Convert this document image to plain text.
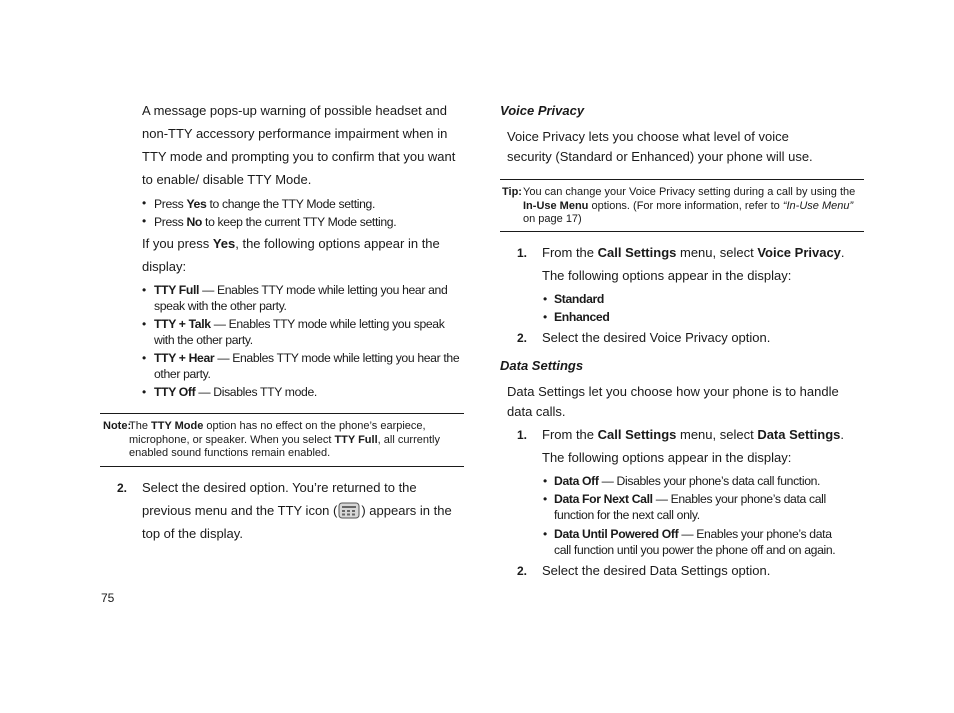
A message pops-up warning of possible headset and non-TTY accessory performance impairment when in TTY mode and prompting you to confirm that you want to enable/ disable TTY Mode.
• Press Yes to change the TTY Mode setting.
• Press No to keep the current TTY Mode setting.
If you press Yes, the following options appear in the display:
• TTY Full — Enables TTY mode while letting you hear and speak with the other party.
• TTY + Talk — Enables TTY mode while letting you speak with the other party.
• TTY + Hear — Enables TTY mode while letting you hear the other party.
• TTY Off — Disables TTY mode.
Note:
The TTY Mode option has no effect on the phone’s earpiece, microphone, or speaker. When you select TTY Full, all currently enabled sound functions remain enabled.
2. Select the desired option. You’re returned to the previous menu and the TTY icon ( ) appears in the top of the display.
75
Voice Privacy
Voice Privacy lets you choose what level of voice security (Standard or Enhanced) your phone will use.
Tip: You can change your Voice Privacy setting during a call by using the In-Use Menu options. (For more information, refer to “In-Use Menu” on page 17)
1. From the Call Settings menu, select Voice Privacy. The following options appear in the display:
• Standard
• Enhanced
2. Select the desired Voice Privacy option.
Data Settings
Data Settings let you choose how your phone is to handle data calls.
1. From the Call Settings menu, select Data Settings. The following options appear in the display:
• Data Off — Disables your phone’s data call function.
• Data For Next Call — Enables your phone’s data call function for the next call only.
• Data Until Powered Off — Enables your phone’s data call function until you power the phone off and on again.
2. Select the desired Data Settings option.
